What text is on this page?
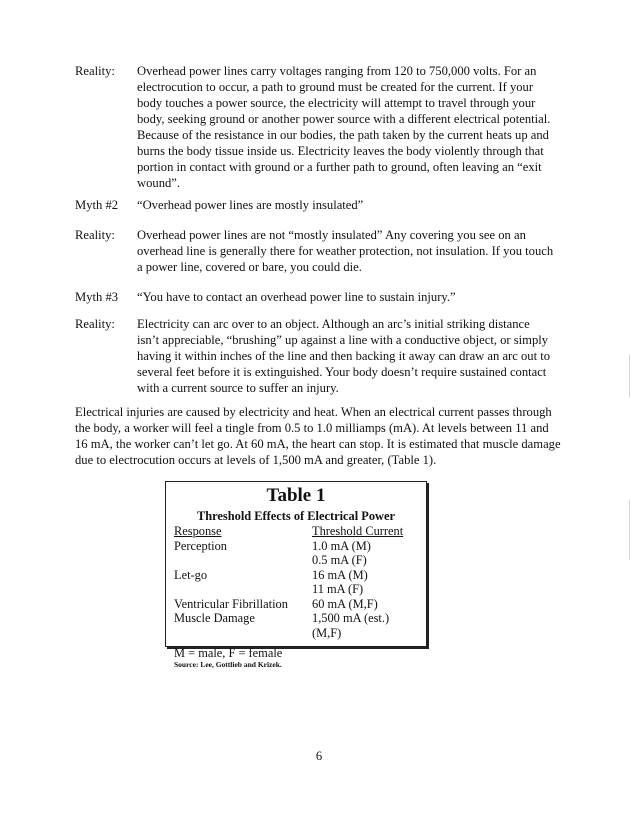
Reality:	Overhead power lines carry voltages ranging from 120 to 750,000 volts. For an electrocution to occur, a path to ground must be created for the current. If your body touches a power source, the electricity will attempt to travel through your body, seeking ground or another power source with a different electrical potential. Because of the resistance in our bodies, the path taken by the current heats up and burns the body tissue inside us. Electricity leaves the body violently through that portion in contact with ground or a further path to ground, often leaving an “exit wound”.
Myth #2	“Overhead power lines are mostly insulated”
Reality:	Overhead power lines are not “mostly insulated” Any covering you see on an overhead line is generally there for weather protection, not insulation. If you touch a power line, covered or bare, you could die.
Myth #3	“You have to contact an overhead power line to sustain injury.”
Reality:	Electricity can arc over to an object. Although an arc’s initial striking distance isn’t appreciable, “brushing” up against a line with a conductive object, or simply having it within inches of the line and then backing it away can draw an arc out to several feet before it is extinguished. Your body doesn’t require sustained contact with a current source to suffer an injury.
Electrical injuries are caused by electricity and heat. When an electrical current passes through the body, a worker will feel a tingle from 0.5 to 1.0 milliamps (mA). At levels between 11 and 16 mA, the worker can’t let go. At 60 mA, the heart can stop. It is estimated that muscle damage due to electrocution occurs at levels of 1,500 mA and greater, (Table 1).
Table 1
Threshold Effects of Electrical Power
Response	Threshold Current
Perception	1.0 mA (M)
0.5 mA (F)
Let-go	16 mA (M)
11 mA (F)
Ventricular Fibrillation	60 mA (M,F)
Muscle Damage	1,500 mA (est.)(M,F)
M = male, F = female
Source: Lee, Gottlieb and Krizek.
6
